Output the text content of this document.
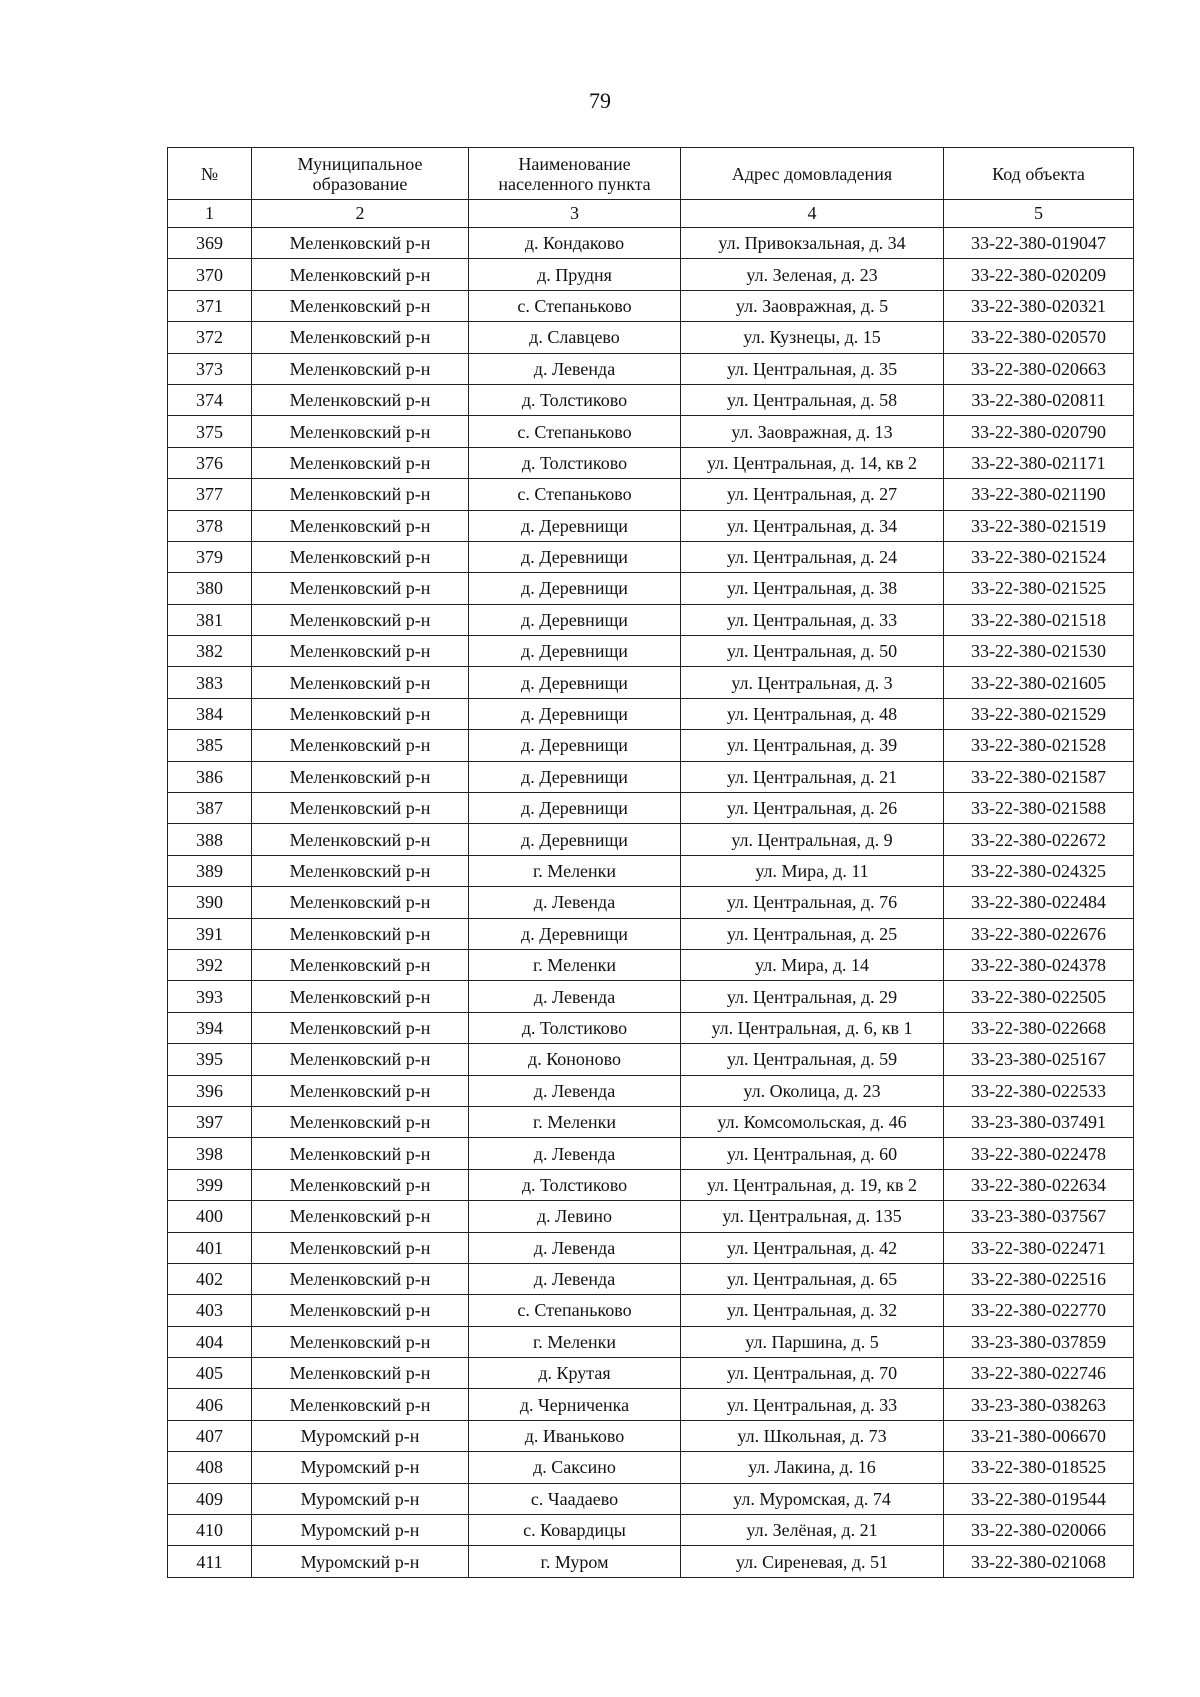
79
№	Муниципальное образование	Наименование населенного пункта	Адрес домовладения	Код объекта
1	2	3	4	5
369	Меленковский р-н	д. Кондаково	ул. Привокзальная, д. 34	33-22-380-019047
370	Меленковский р-н	д. Прудня	ул. Зеленая, д. 23	33-22-380-020209
371	Меленковский р-н	с. Степаньково	ул. Заовражная, д. 5	33-22-380-020321
372	Меленковский р-н	д. Славцево	ул. Кузнецы, д. 15	33-22-380-020570
373	Меленковский р-н	д. Левенда	ул. Центральная, д. 35	33-22-380-020663
374	Меленковский р-н	д. Толстиково	ул. Центральная, д. 58	33-22-380-020811
375	Меленковский р-н	с. Степаньково	ул. Заовражная, д. 13	33-22-380-020790
376	Меленковский р-н	д. Толстиково	ул. Центральная, д. 14, кв 2	33-22-380-021171
377	Меленковский р-н	с. Степаньково	ул. Центральная, д. 27	33-22-380-021190
378	Меленковский р-н	д. Деревнищи	ул. Центральная, д. 34	33-22-380-021519
379	Меленковский р-н	д. Деревнищи	ул. Центральная, д. 24	33-22-380-021524
380	Меленковский р-н	д. Деревнищи	ул. Центральная, д. 38	33-22-380-021525
381	Меленковский р-н	д. Деревнищи	ул. Центральная, д. 33	33-22-380-021518
382	Меленковский р-н	д. Деревнищи	ул. Центральная, д. 50	33-22-380-021530
383	Меленковский р-н	д. Деревнищи	ул. Центральная, д. 3	33-22-380-021605
384	Меленковский р-н	д. Деревнищи	ул. Центральная, д. 48	33-22-380-021529
385	Меленковский р-н	д. Деревнищи	ул. Центральная, д. 39	33-22-380-021528
386	Меленковский р-н	д. Деревнищи	ул. Центральная, д. 21	33-22-380-021587
387	Меленковский р-н	д. Деревнищи	ул. Центральная, д. 26	33-22-380-021588
388	Меленковский р-н	д. Деревнищи	ул. Центральная, д. 9	33-22-380-022672
389	Меленковский р-н	г. Меленки	ул. Мира, д. 11	33-22-380-024325
390	Меленковский р-н	д. Левенда	ул. Центральная, д. 76	33-22-380-022484
391	Меленковский р-н	д. Деревнищи	ул. Центральная, д. 25	33-22-380-022676
392	Меленковский р-н	г. Меленки	ул. Мира, д. 14	33-22-380-024378
393	Меленковский р-н	д. Левенда	ул. Центральная, д. 29	33-22-380-022505
394	Меленковский р-н	д. Толстиково	ул. Центральная, д. 6, кв 1	33-22-380-022668
395	Меленковский р-н	д. Кононово	ул. Центральная, д. 59	33-23-380-025167
396	Меленковский р-н	д. Левенда	ул. Околица, д. 23	33-22-380-022533
397	Меленковский р-н	г. Меленки	ул. Комсомольская, д. 46	33-23-380-037491
398	Меленковский р-н	д. Левенда	ул. Центральная, д. 60	33-22-380-022478
399	Меленковский р-н	д. Толстиково	ул. Центральная, д. 19, кв 2	33-22-380-022634
400	Меленковский р-н	д. Левино	ул. Центральная, д. 135	33-23-380-037567
401	Меленковский р-н	д. Левенда	ул. Центральная, д. 42	33-22-380-022471
402	Меленковский р-н	д. Левенда	ул. Центральная, д. 65	33-22-380-022516
403	Меленковский р-н	с. Степаньково	ул. Центральная, д. 32	33-22-380-022770
404	Меленковский р-н	г. Меленки	ул. Паршина, д. 5	33-23-380-037859
405	Меленковский р-н	д. Крутая	ул. Центральная, д. 70	33-22-380-022746
406	Меленковский р-н	д. Черниченка	ул. Центральная, д. 33	33-23-380-038263
407	Муромский р-н	д. Иваньково	ул. Школьная, д. 73	33-21-380-006670
408	Муромский р-н	д. Саксино	ул. Лакина, д. 16	33-22-380-018525
409	Муромский р-н	с. Чаадаево	ул. Муромская, д. 74	33-22-380-019544
410	Муромский р-н	с. Ковардицы	ул. Зелёная, д. 21	33-22-380-020066
411	Муромский р-н	г. Муром	ул. Сиреневая, д. 51	33-22-380-021068
